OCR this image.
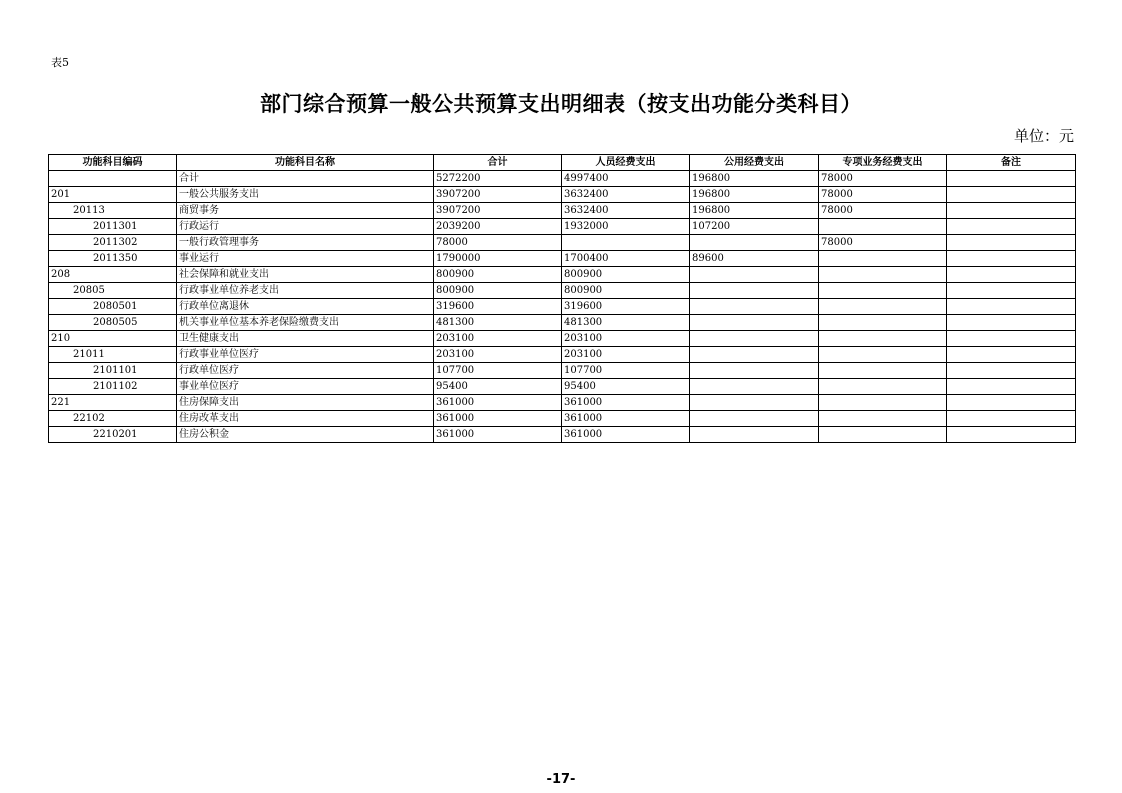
表5
部门综合预算一般公共预算支出明细表（按支出功能分类科目）
单位：元
功能科目编码	功能科目名称	合计	人员经费支出	公用经费支出	专项业务经费支出	备注
	合计	5272200	4997400	196800	78000	
201	一般公共服务支出	3907200	3632400	196800	78000	
20113	商贸事务	3907200	3632400	196800	78000	
2011301	行政运行	2039200	1932000	107200		
2011302	一般行政管理事务	78000			78000	
2011350	事业运行	1790000	1700400	89600		
208	社会保障和就业支出	800900	800900			
20805	行政事业单位养老支出	800900	800900			
2080501	行政单位离退休	319600	319600			
2080505	机关事业单位基本养老保险缴费支出	481300	481300			
210	卫生健康支出	203100	203100			
21011	行政事业单位医疗	203100	203100			
2101101	行政单位医疗	107700	107700			
2101102	事业单位医疗	95400	95400			
221	住房保障支出	361000	361000			
22102	住房改革支出	361000	361000			
2210201	住房公积金	361000	361000			
-17-
